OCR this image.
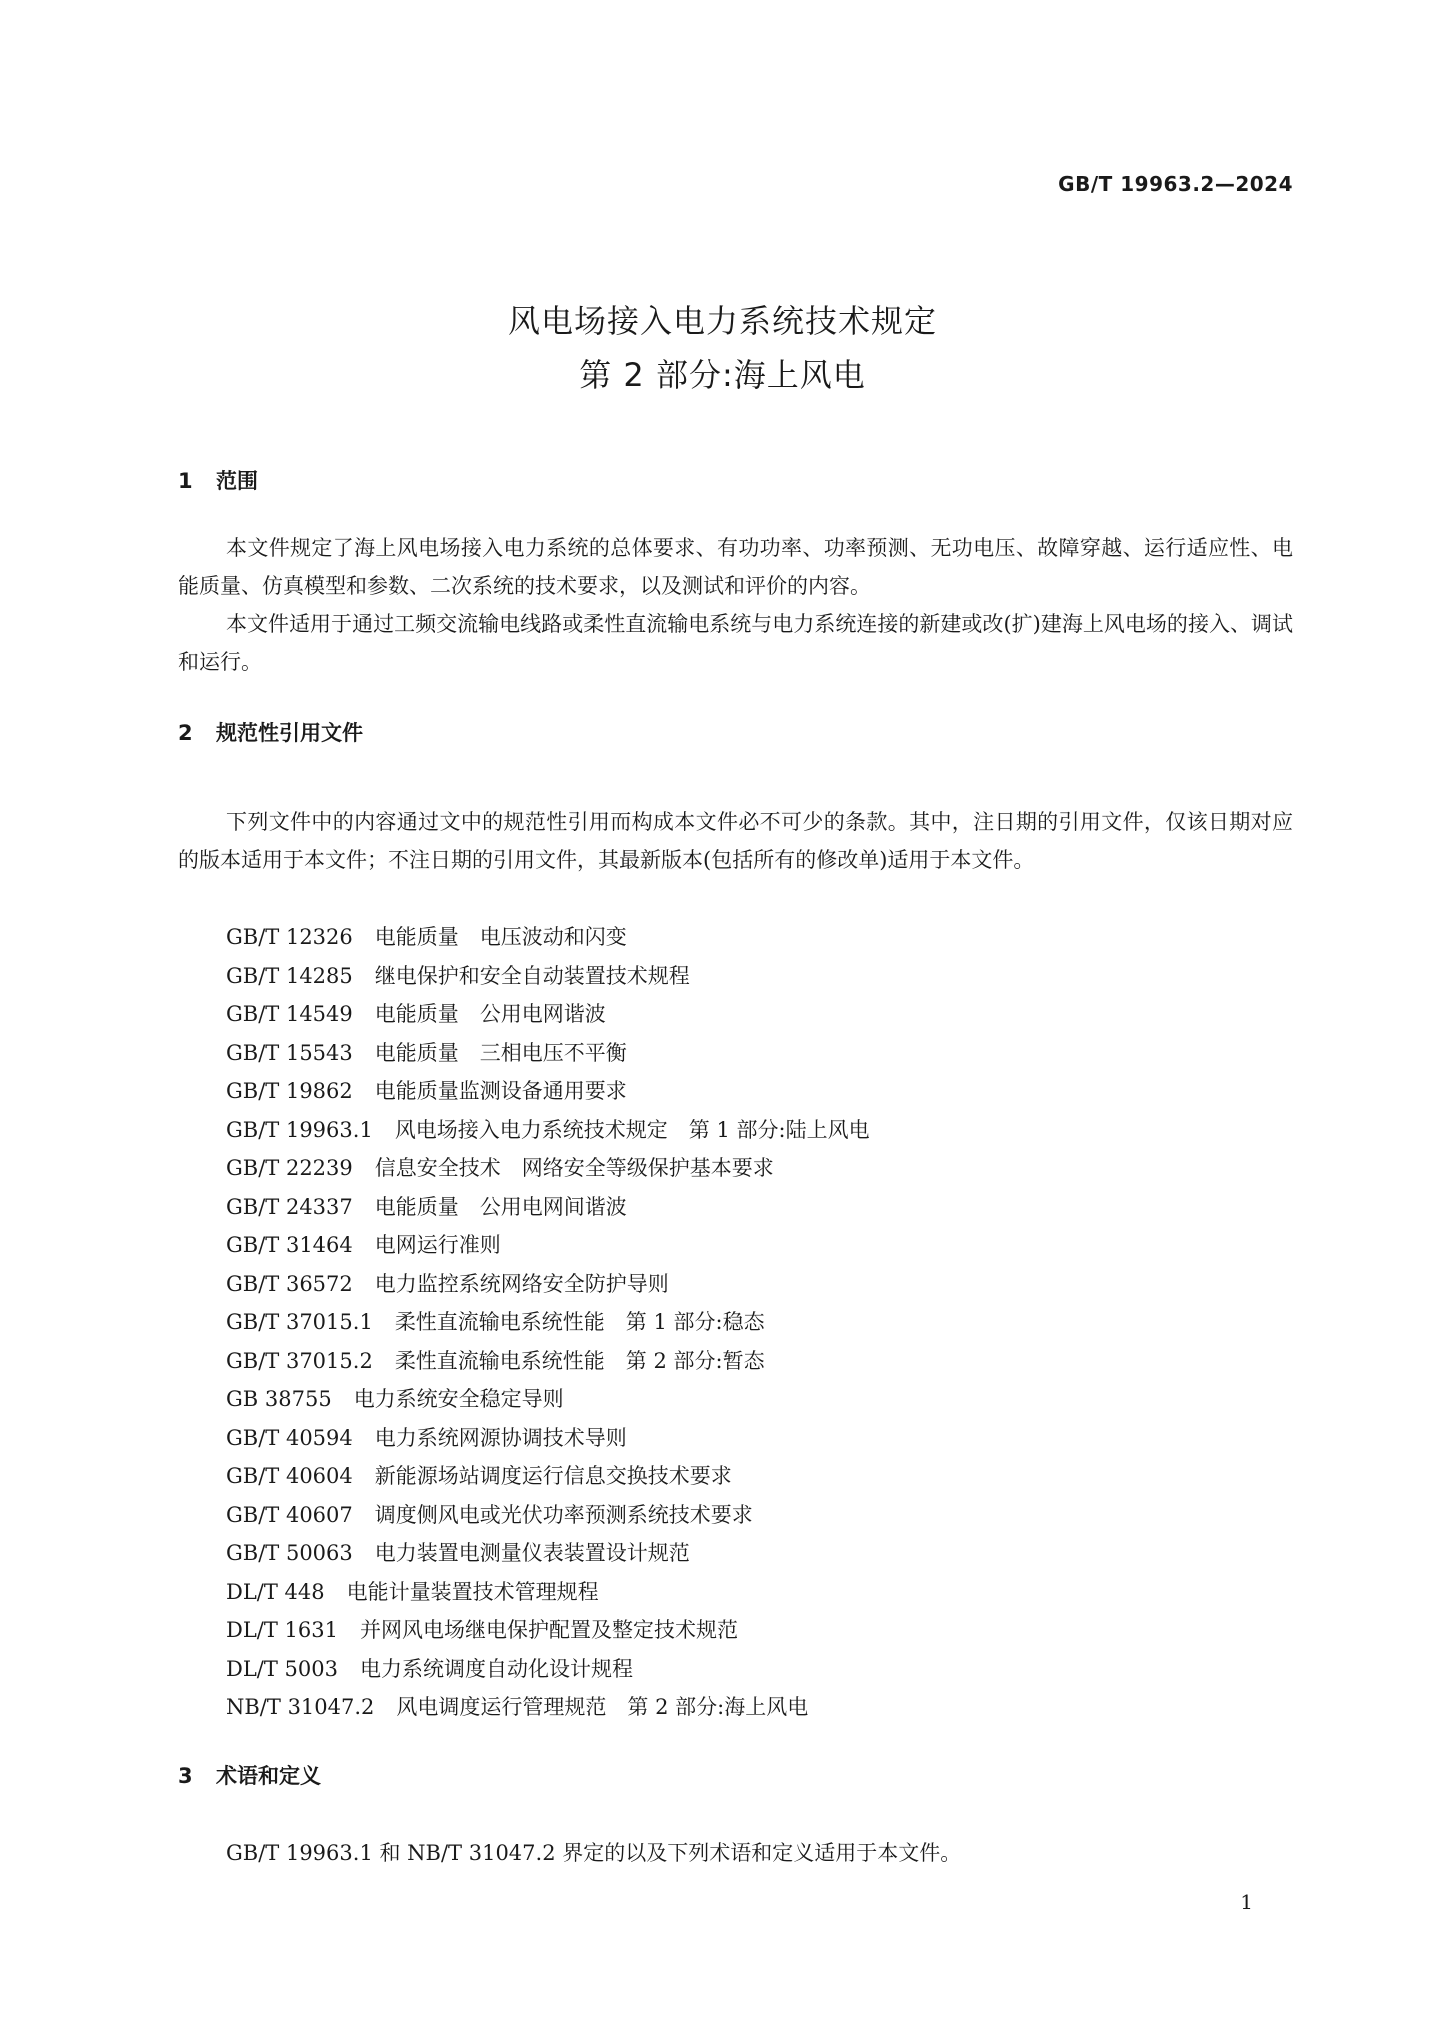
GB/T 19963.2—2024
风电场接入电力系统技术规定
第 2 部分:海上风电
1 范围
本文件规定了海上风电场接入电力系统的总体要求、有功功率、功率预测、无功电压、故障穿越、运行适应性、电能质量、仿真模型和参数、二次系统的技术要求，以及测试和评价的内容。
本文件适用于通过工频交流输电线路或柔性直流输电系统与电力系统连接的新建或改(扩)建海上风电场的接入、调试和运行。
2 规范性引用文件
下列文件中的内容通过文中的规范性引用而构成本文件必不可少的条款。其中，注日期的引用文件，仅该日期对应的版本适用于本文件；不注日期的引用文件，其最新版本(包括所有的修改单)适用于本文件。
GB/T 12326 电能质量　电压波动和闪变
GB/T 14285 继电保护和安全自动装置技术规程
GB/T 14549 电能质量　公用电网谐波
GB/T 15543 电能质量　三相电压不平衡
GB/T 19862 电能质量监测设备通用要求
GB/T 19963.1 风电场接入电力系统技术规定　第 1 部分:陆上风电
GB/T 22239 信息安全技术　网络安全等级保护基本要求
GB/T 24337 电能质量　公用电网间谐波
GB/T 31464 电网运行准则
GB/T 36572 电力监控系统网络安全防护导则
GB/T 37015.1 柔性直流输电系统性能　第 1 部分:稳态
GB/T 37015.2 柔性直流输电系统性能　第 2 部分:暂态
GB 38755 电力系统安全稳定导则
GB/T 40594 电力系统网源协调技术导则
GB/T 40604 新能源场站调度运行信息交换技术要求
GB/T 40607 调度侧风电或光伏功率预测系统技术要求
GB/T 50063 电力装置电测量仪表装置设计规范
DL/T 448 电能计量装置技术管理规程
DL/T 1631 并网风电场继电保护配置及整定技术规范
DL/T 5003 电力系统调度自动化设计规程
NB/T 31047.2 风电调度运行管理规范　第 2 部分:海上风电
3 术语和定义
GB/T 19963.1 和 NB/T 31047.2 界定的以及下列术语和定义适用于本文件。
1
